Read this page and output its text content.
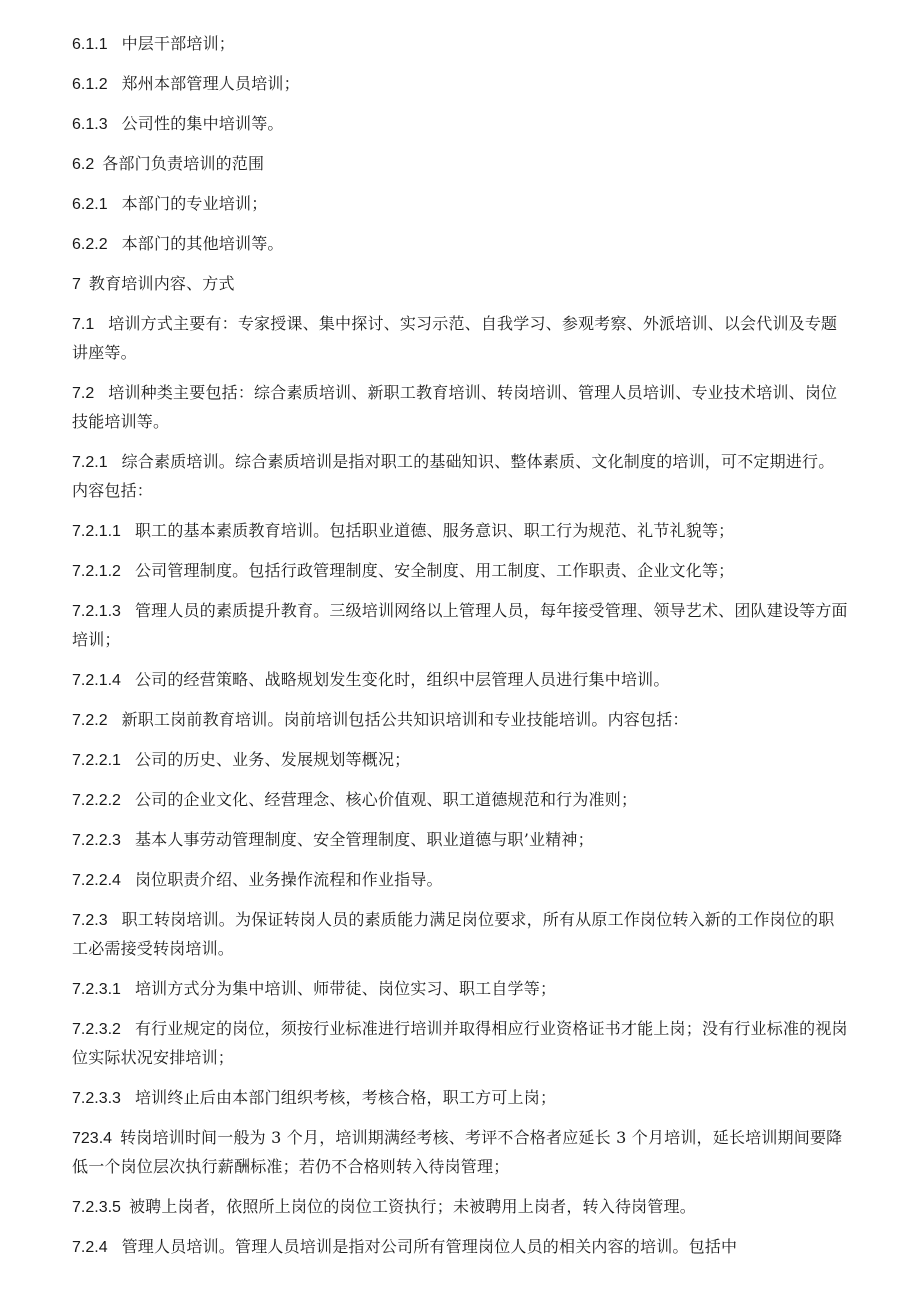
6.1.1 中层干部培训；

6.1.2 郑州本部管理人员培训；

6.1.3 公司性的集中培训等。

6.2 各部门负责培训的范围

6.2.1 本部门的专业培训；

6.2.2 本部门的其他培训等。

7 教育培训内容、方式

7.1 培训方式主要有：专家授课、集中探讨、实习示范、自我学习、参观考察、外派培训、以会代训及专题讲座等。

7.2 培训种类主要包括：综合素质培训、新职工教育培训、转岗培训、管理人员培训、专业技术培训、岗位技能培训等。

7.2.1 综合素质培训。综合素质培训是指对职工的基础知识、整体素质、文化制度的培训，可不定期进行。内容包括：

7.2.1.1 职工的基本素质教育培训。包括职业道德、服务意识、职工行为规范、礼节礼貌等；

7.2.1.2 公司管理制度。包括行政管理制度、安全制度、用工制度、工作职责、企业文化等；

7.2.1.3 管理人员的素质提升教育。三级培训网络以上管理人员，每年接受管理、领导艺术、团队建设等方面培训；

7.2.1.4 公司的经营策略、战略规划发生变化时，组织中层管理人员进行集中培训。

7.2.2 新职工岗前教育培训。岗前培训包括公共知识培训和专业技能培训。内容包括：

7.2.2.1 公司的历史、业务、发展规划等概况；

7.2.2.2 公司的企业文化、经营理念、核心价值观、职工道德规范和行为准则；

7.2.2.3 基本人事劳动管理制度、安全管理制度、职业道德与职’业精神；

7.2.2.4 岗位职责介绍、业务操作流程和作业指导。

7.2.3 职工转岗培训。为保证转岗人员的素质能力满足岗位要求，所有从原工作岗位转入新的工作岗位的职工必需接受转岗培训。

7.2.3.1 培训方式分为集中培训、师带徒、岗位实习、职工自学等；

7.2.3.2 有行业规定的岗位，须按行业标准进行培训并取得相应行业资格证书才能上岗；没有行业标准的视岗位实际状况安排培训；

7.2.3.3 培训终止后由本部门组织考核，考核合格，职工方可上岗；

723.4 转岗培训时间一般为 3 个月，培训期满经考核、考评不合格者应延长 3 个月培训，延长培训期间要降低一个岗位层次执行薪酬标准；若仍不合格则转入待岗管理；

7.2.3.5 被聘上岗者，依照所上岗位的岗位工资执行；未被聘用上岗者，转入待岗管理。

7.2.4 管理人员培训。管理人员培训是指对公司所有管理岗位人员的相关内容的培训。包括中
